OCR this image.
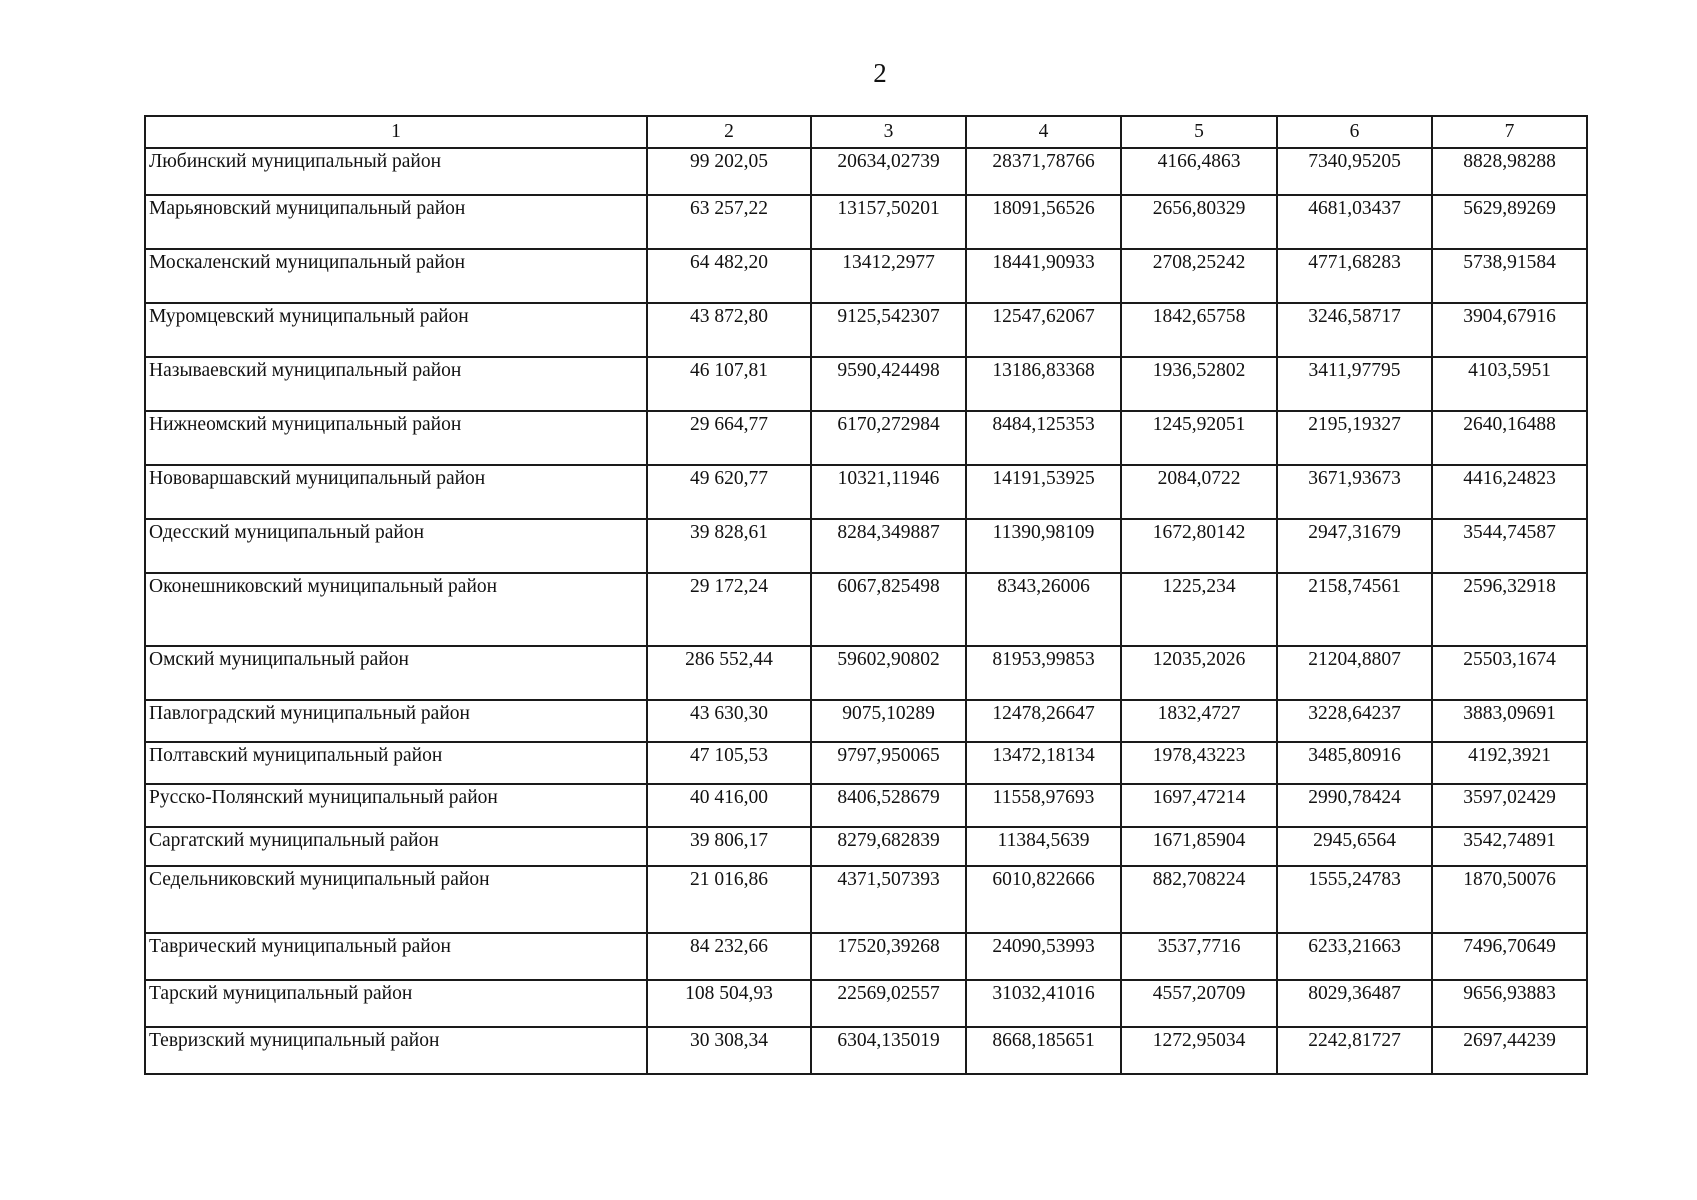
2
1	2	3	4	5	6	7
Любинский муниципальный район	99 202,05	20634,02739	28371,78766	4166,4863	7340,95205	8828,98288
Марьяновский муниципальный район	63 257,22	13157,50201	18091,56526	2656,80329	4681,03437	5629,89269
Москаленский муниципальный район	64 482,20	13412,2977	18441,90933	2708,25242	4771,68283	5738,91584
Муромцевский муниципальный район	43 872,80	9125,542307	12547,62067	1842,65758	3246,58717	3904,67916
Называевский муниципальный район	46 107,81	9590,424498	13186,83368	1936,52802	3411,97795	4103,5951
Нижнеомский муниципальный район	29 664,77	6170,272984	8484,125353	1245,92051	2195,19327	2640,16488
Нововаршавский муниципальный район	49 620,77	10321,11946	14191,53925	2084,0722	3671,93673	4416,24823
Одесский муниципальный район	39 828,61	8284,349887	11390,98109	1672,80142	2947,31679	3544,74587
Оконешниковский муниципальный район	29 172,24	6067,825498	8343,26006	1225,234	2158,74561	2596,32918
Омский муниципальный район	286 552,44	59602,90802	81953,99853	12035,2026	21204,8807	25503,1674
Павлоградский муниципальный район	43 630,30	9075,10289	12478,26647	1832,4727	3228,64237	3883,09691
Полтавский муниципальный район	47 105,53	9797,950065	13472,18134	1978,43223	3485,80916	4192,3921
Русско-Полянский муниципальный район	40 416,00	8406,528679	11558,97693	1697,47214	2990,78424	3597,02429
Саргатский муниципальный район	39 806,17	8279,682839	11384,5639	1671,85904	2945,6564	3542,74891
Седельниковский муниципальный район	21 016,86	4371,507393	6010,822666	882,708224	1555,24783	1870,50076
Таврический муниципальный район	84 232,66	17520,39268	24090,53993	3537,7716	6233,21663	7496,70649
Тарский муниципальный район	108 504,93	22569,02557	31032,41016	4557,20709	8029,36487	9656,93883
Тевризский муниципальный район	30 308,34	6304,135019	8668,185651	1272,95034	2242,81727	2697,44239
